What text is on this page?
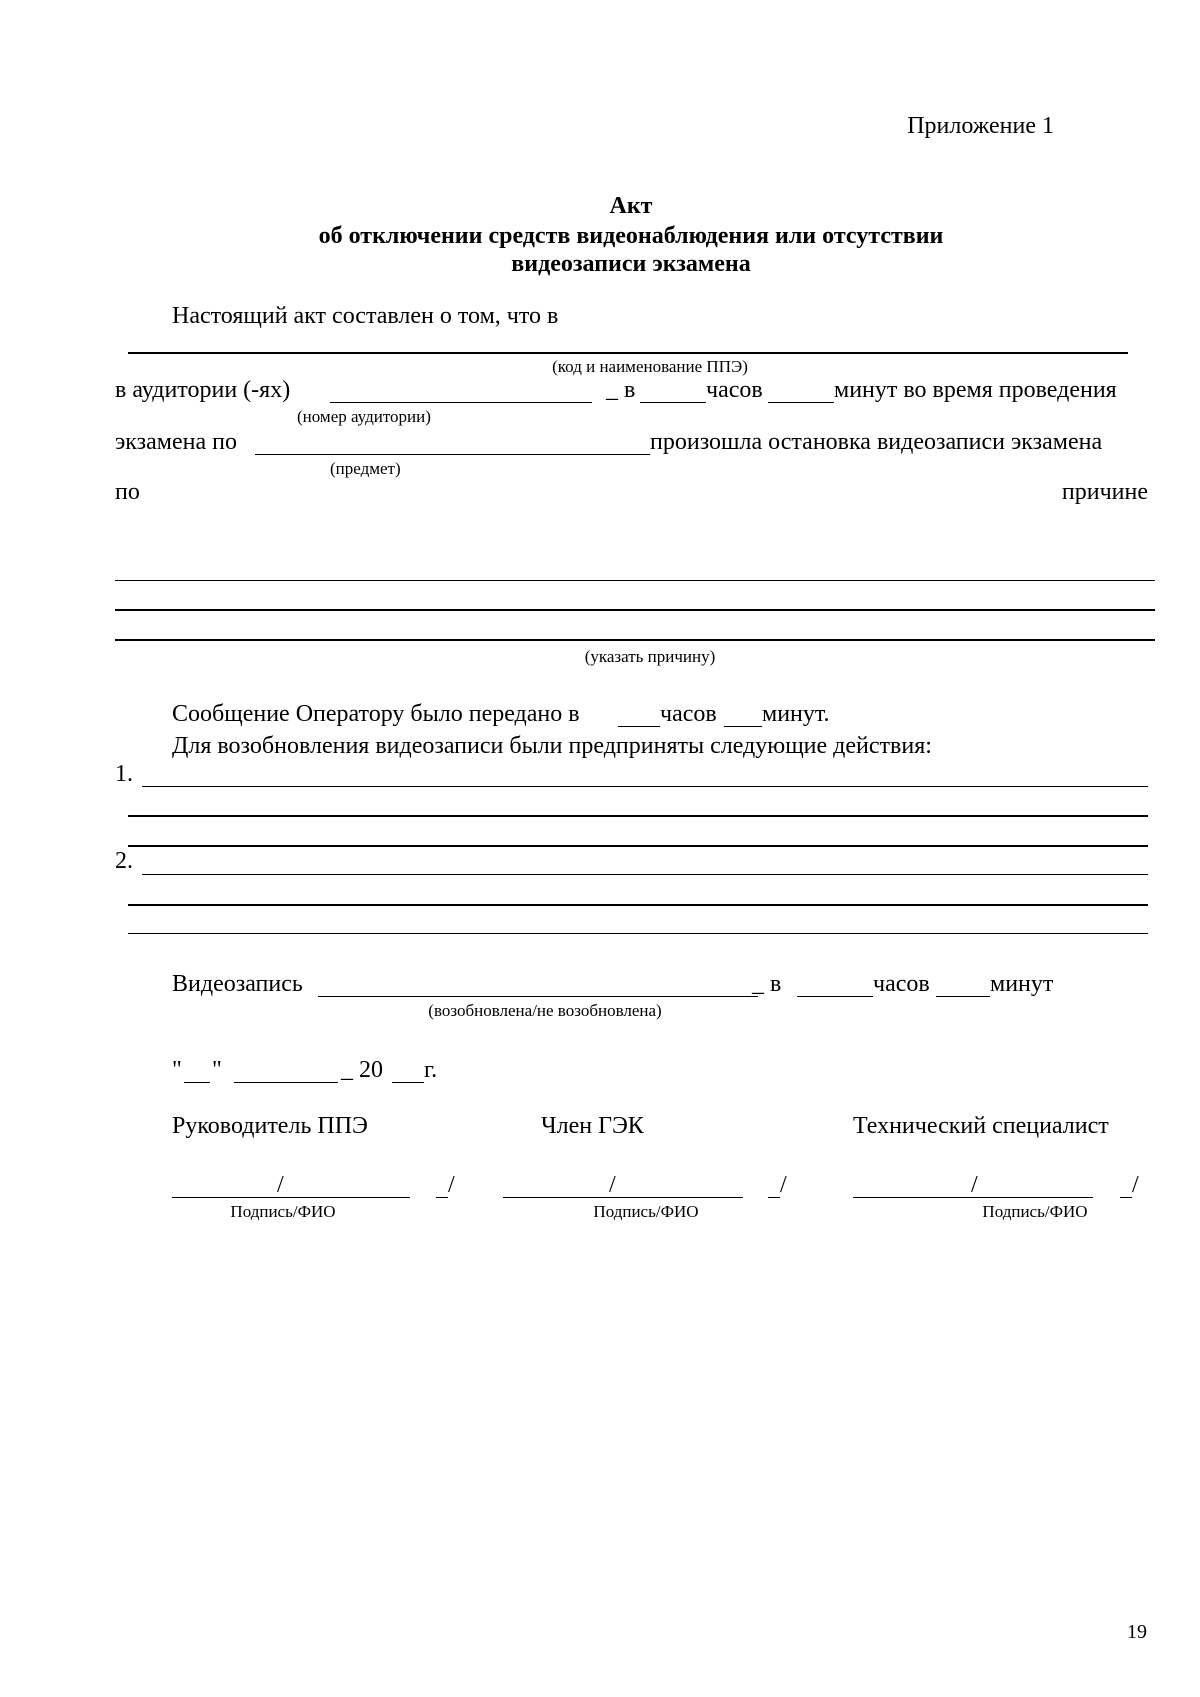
Приложение 1
Акт
об отключении средств видеонаблюдения или отсутствии
видеозаписи экзамена
Настоящий акт составлен о том, что в
(код и наименование ППЭ)
в аудитории (-ях)	_ в	часов	минут во время проведения
(номер аудитории)
экзамена по	произошла остановка видеозаписи экзамена
(предмет)
по	причине
(указать причину)
Сообщение Оператору было передано в	часов минут.
Для возобновления видеозаписи были предприняты следующие действия:
1.
2.
Видеозапись	_ в	часов	минут
(возобновлена/не возобновлена)
" "	_ 20 г.
Руководитель ППЭ	Член ГЭК	Технический специалист
/	/
Подпись/ФИО
/	/
Подпись/ФИО
/	/
Подпись/ФИО
19
